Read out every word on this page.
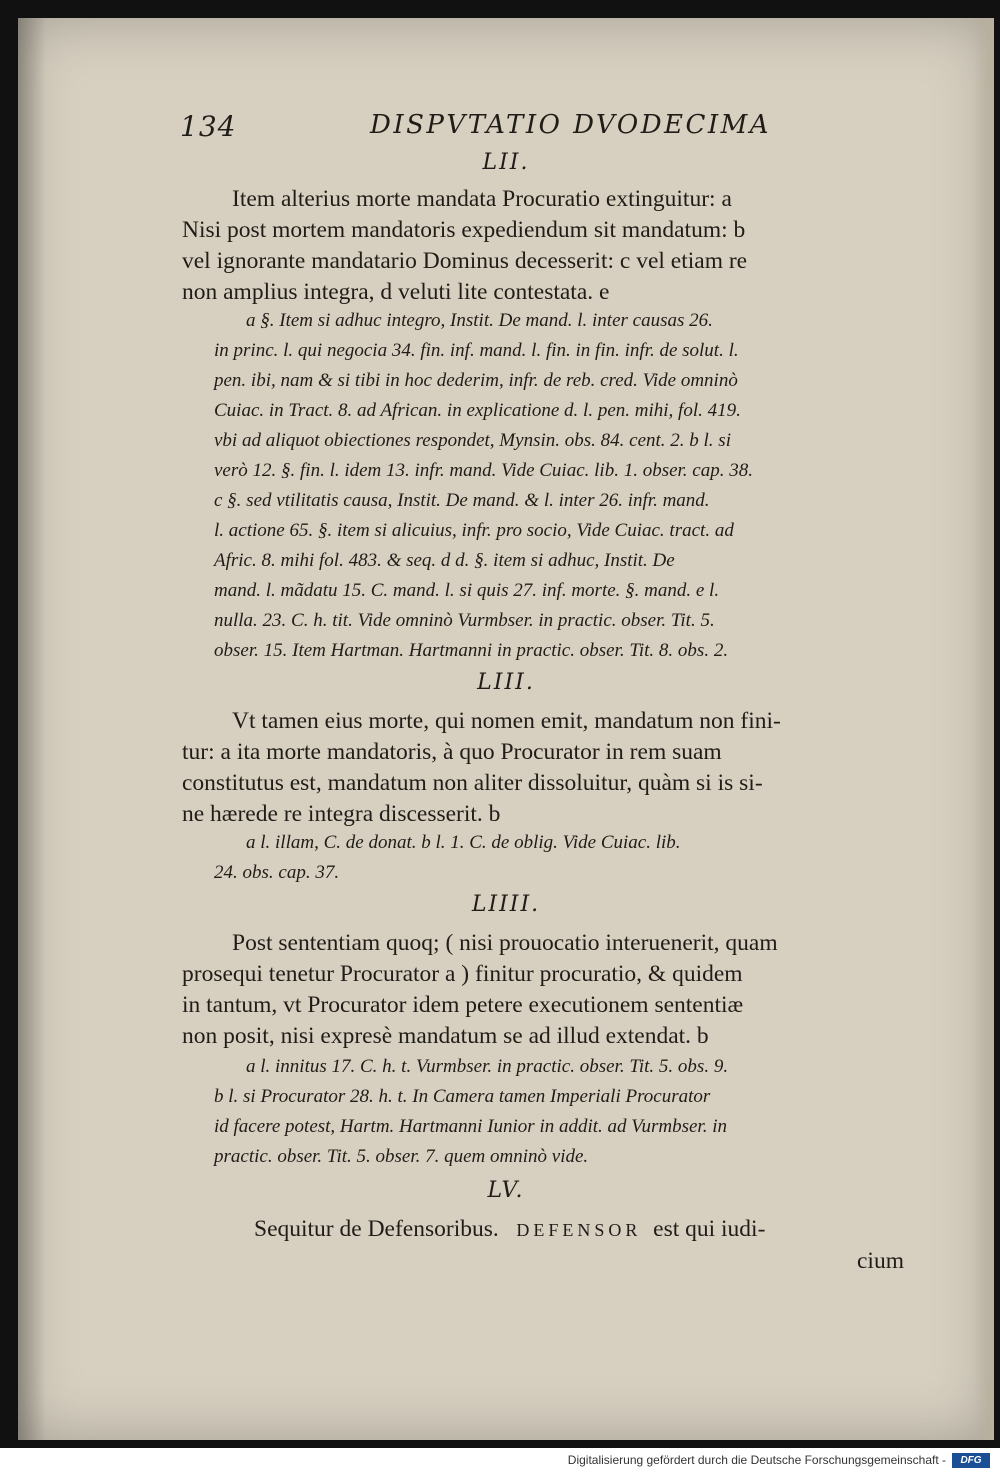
134	DISPVTATIO DVODECIMA
LII.
Item alterius morte mandata Procuratio extinguitur: a
Nisi post mortem mandatoris expediendum sit mandatum: b
vel ignorante mandatario Dominus decesserit: c vel etiam re
non amplius integra, d veluti lite contestata. e
a §. Item si adhuc integro, Instit. De mand. l. inter causas 26.
in princ. l. qui negocia 34. fin. inf. mand. l. fin. in fin. infr. de solut. l.
pen. ibi, nam & si tibi in hoc dederim, infr. de reb. cred. Vide omninò
Cuiac. in Tract. 8. ad African. in explicatione d. l. pen. mihi, fol. 419.
vbi ad aliquot obiectiones respondet, Mynsin. obs. 84. cent. 2. b l. si
verò 12. §. fin. l. idem 13. infr. mand. Vide Cuiac. lib. 1. obser. cap. 38.
c §. sed vtilitatis causa, Instit. De mand. & l. inter 26. infr. mand.
l. actione 65. §. item si alicuius, infr. pro socio, Vide Cuiac. tract. ad
Afric. 8. mihi fol. 483. & seq. d d. §. item si adhuc, Instit. De
mand. l. mãdatu 15. C. mand. l. si quis 27. inf. morte. §. mand. e l.
nulla. 23. C. h. tit. Vide omninò Vurmbser. in practic. obser. Tit. 5.
obser. 15. Item Hartman. Hartmanni in practic. obser. Tit. 8. obs. 2.
LIII.
Vt tamen eius morte, qui nomen emit, mandatum non fini-
tur: a ita morte mandatoris, à quo Procurator in rem suam
constitutus est, mandatum non aliter dissoluitur, quàm si is si-
ne hærede re integra discesserit. b
a l. illam, C. de donat. b l. 1. C. de oblig. Vide Cuiac. lib.
24. obs. cap. 37.
LIIII.
Post sententiam quoq; ( nisi prouocatio interuenerit, quam
prosequi tenetur Procurator a ) finitur procuratio, & quidem
in tantum, vt Procurator idem petere executionem sententiæ
non posit, nisi expresè mandatum se ad illud extendat. b
a l. innitus 17. C. h. t. Vurmbser. in practic. obser. Tit. 5. obs. 9.
b l. si Procurator 28. h. t. In Camera tamen Imperiali Procurator
id facere potest, Hartm. Hartmanni Iunior in addit. ad Vurmbser. in
practic. obser. Tit. 5. obser. 7. quem omninò vide.
LV.
Sequitur de Defensoribus. DEFENSOR est qui iudi-
cium
Digitalisierung gefördert durch die Deutsche Forschungsgemeinschaft -	DFG
